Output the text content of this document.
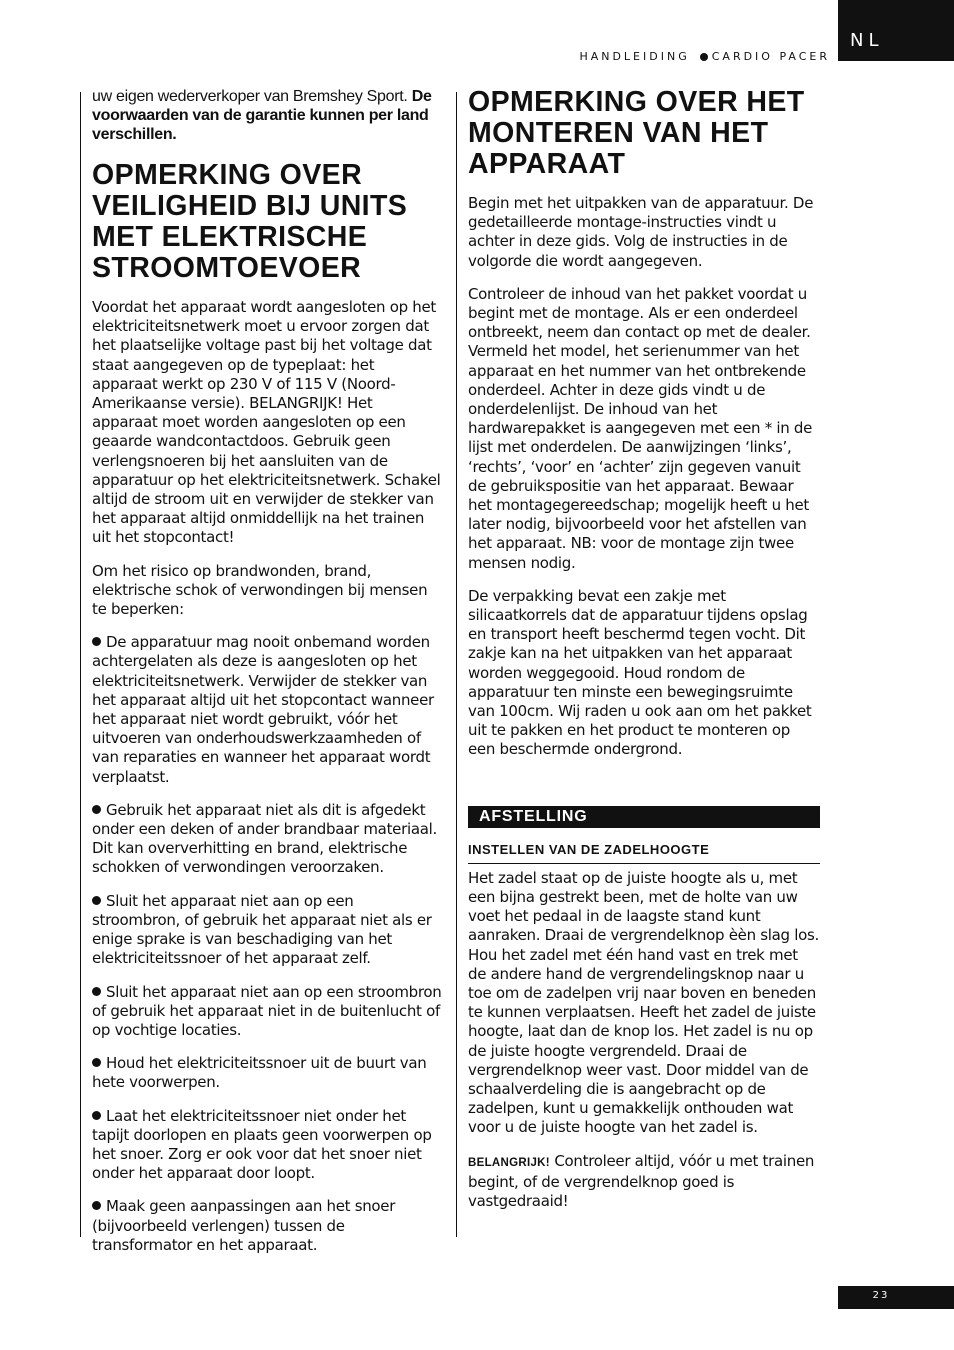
HANDLEIDING CARDIO PACER
NL

uw eigen wederverkoper van Bremshey Sport. De voorwaarden van de garantie kunnen per land verschillen.

OPMERKING OVER VEILIGHEID BIJ UNITS MET ELEKTRISCHE STROOMTOEVOER

Voordat het apparaat wordt aangesloten op het elektriciteitsnetwerk moet u ervoor zorgen dat het plaatselijke voltage past bij het voltage dat staat aangegeven op de typeplaat: het apparaat werkt op 230 V of 115 V (Noord-Amerikaanse versie). BELANGRIJK! Het apparaat moet worden aangesloten op een geaarde wandcontactdoos. Gebruik geen verlengsnoeren bij het aansluiten van de apparatuur op het elektriciteitsnetwerk. Schakel altijd de stroom uit en verwijder de stekker van het apparaat altijd onmiddellijk na het trainen uit het stopcontact!

Om het risico op brandwonden, brand, elektrische schok of verwondingen bij mensen te beperken:

De apparatuur mag nooit onbemand worden achtergelaten als deze is aangesloten op het elektriciteitsnetwerk. Verwijder de stekker van het apparaat altijd uit het stopcontact wanneer het apparaat niet wordt gebruikt, vóór het uitvoeren van onderhoudswerkzaamheden of van reparaties en wanneer het apparaat wordt verplaatst.

Gebruik het apparaat niet als dit is afgedekt onder een deken of ander brandbaar materiaal. Dit kan oververhitting en brand, elektrische schokken of verwondingen veroorzaken.

Sluit het apparaat niet aan op een stroombron, of gebruik het apparaat niet als er enige sprake is van beschadiging van het elektriciteitssnoer of het apparaat zelf.

Sluit het apparaat niet aan op een stroombron of gebruik het apparaat niet in de buitenlucht of op vochtige locaties.

Houd het elektriciteitssnoer uit de buurt van hete voorwerpen.

Laat het elektriciteitssnoer niet onder het tapijt doorlopen en plaats geen voorwerpen op het snoer. Zorg er ook voor dat het snoer niet onder het apparaat door loopt.

Maak geen aanpassingen aan het snoer (bijvoorbeeld verlengen) tussen de transformator en het apparaat.

OPMERKING OVER HET MONTEREN VAN HET APPARAAT

Begin met het uitpakken van de apparatuur. De gedetailleerde montage-instructies vindt u achter in deze gids. Volg de instructies in de volgorde die wordt aangegeven.

Controleer de inhoud van het pakket voordat u begint met de montage. Als er een onderdeel ontbreekt, neem dan contact op met de dealer. Vermeld het model, het serienummer van het apparaat en het nummer van het ontbrekende onderdeel. Achter in deze gids vindt u de onderdelenlijst. De inhoud van het hardwarepakket is aangegeven met een * in de lijst met onderdelen. De aanwijzingen ‘links’, ‘rechts’, ‘voor’ en ‘achter’ zijn gegeven vanuit de gebruikspositie van het apparaat. Bewaar het montagegereedschap; mogelijk heeft u het later nodig, bijvoorbeeld voor het afstellen van het apparaat. NB: voor de montage zijn twee mensen nodig.

De verpakking bevat een zakje met silicaatkorrels dat de apparatuur tijdens opslag en transport heeft beschermd tegen vocht. Dit zakje kan na het uitpakken van het apparaat worden weggegooid. Houd rondom de apparatuur ten minste een bewegingsruimte van 100cm. Wij raden u ook aan om het pakket uit te pakken en het product te monteren op een beschermde ondergrond.

AFSTELLING
INSTELLEN VAN DE ZADELHOOGTE

Het zadel staat op de juiste hoogte als u, met een bijna gestrekt been, met de holte van uw voet het pedaal in de laagste stand kunt aanraken. Draai de vergrendelknop èèn slag los. Hou het zadel met één hand vast en trek met de andere hand de vergrendelingsknop naar u toe om de zadelpen vrij naar boven en beneden te kunnen verplaatsen. Heeft het zadel de juiste hoogte, laat dan de knop los. Het zadel is nu op de juiste hoogte vergrendeld. Draai de vergrendelknop weer vast. Door middel van de schaalverdeling die is aangebracht op de zadelpen, kunt u gemakkelijk onthouden wat voor u de juiste hoogte van het zadel is.

BELANGRIJK! Controleer altijd, vóór u met trainen begint, of de vergrendelknop goed is vastgedraaid!

23
